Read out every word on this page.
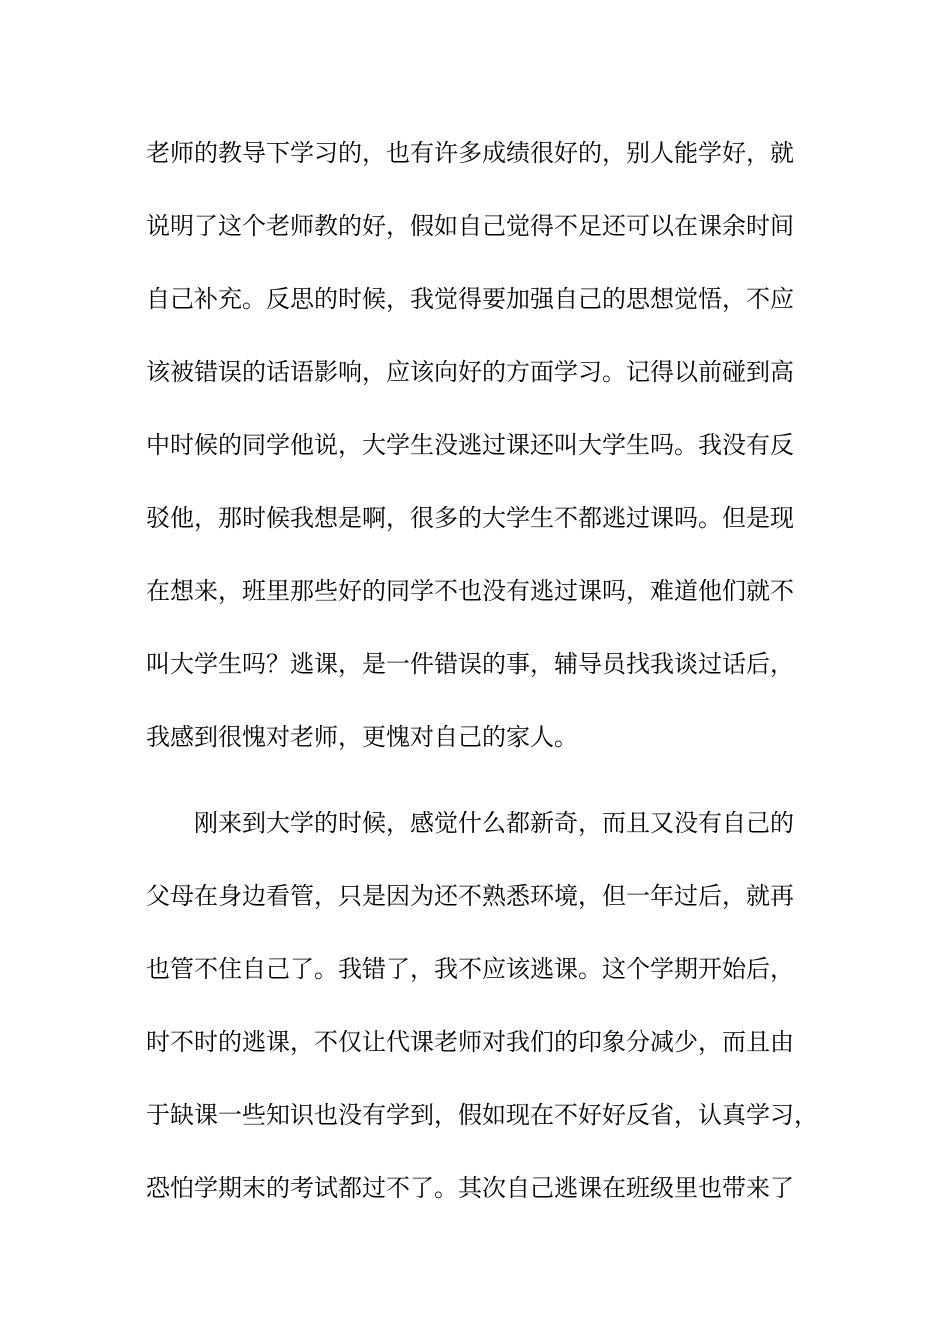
老师的教导下学习的，也有许多成绩很好的，别人能学好，就
说明了这个老师教的好，假如自己觉得不足还可以在课余时间
自己补充。反思的时候，我觉得要加强自己的思想觉悟，不应
该被错误的话语影响，应该向好的方面学习。记得以前碰到高
中时候的同学他说，大学生没逃过课还叫大学生吗。我没有反
驳他，那时候我想是啊，很多的大学生不都逃过课吗。但是现
在想来，班里那些好的同学不也没有逃过课吗，难道他们就不
叫大学生吗？逃课，是一件错误的事，辅导员找我谈过话后，
我感到很愧对老师，更愧对自己的家人。
刚来到大学的时候，感觉什么都新奇，而且又没有自己的
父母在身边看管，只是因为还不熟悉环境，但一年过后，就再
也管不住自己了。我错了，我不应该逃课。这个学期开始后，
时不时的逃课，不仅让代课老师对我们的印象分减少，而且由
于缺课一些知识也没有学到，假如现在不好好反省，认真学习，
恐怕学期末的考试都过不了。其次自己逃课在班级里也带来了
